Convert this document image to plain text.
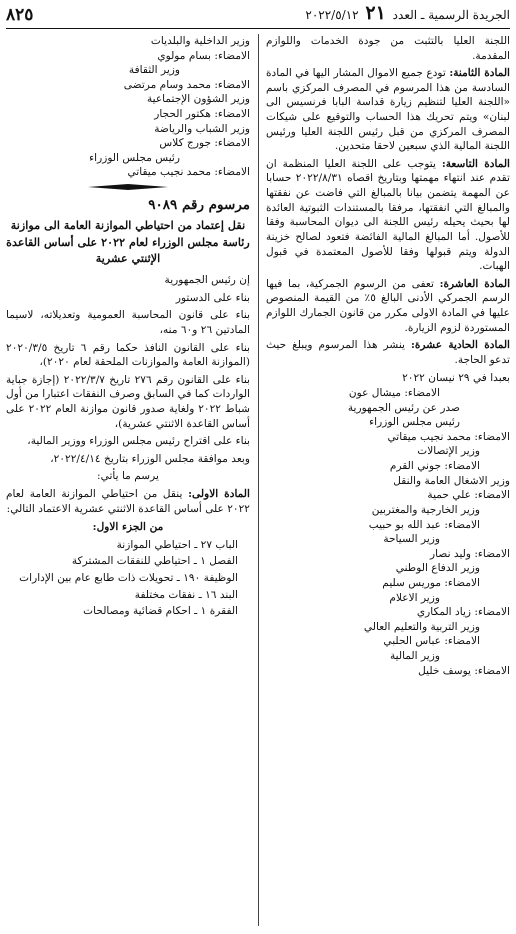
الجريدة الرسمية ـ العدد ٢١ ٢٠٢٢/٥/١٢
٨٢٥

اللجنة العليا بالتثبت من جودة الخدمات واللوازم المقدمة.

المادة الثامنة: تودع جميع الاموال المشار اليها في المادة السادسة من هذا المرسوم في المصرف المركزي باسم «اللجنة العليا لتنظيم زيارة قداسة البابا فرنسيس الى لبنان» ويتم تحريك هذا الحساب والتوقيع على شيكات المصرف المركزي من قبل رئيس اللجنة العليا ورئيس اللجنة المالية الذي سبعين لاحقا متحدين.

المادة التاسعة: يتوجب على اللجنة العليا المنظمة ان تقدم عند انتهاء مهمتها وبتاريخ اقصاه ٢٠٢٢/٨/٣١ حسابا عن المهمة يتضمن بيانا بالمبالغ التي فاضت عن نفقتها والمبالغ التي انفقتها، مرفقا بالمستندات الثبوتية العائدة لها بحيث يحيله رئيس اللجنة الى ديوان المحاسبة وفقا للأصول. أما المبالغ المالية الفائضة فتعود لصالح خزينة الدولة ويتم قبولها وفقا للأصول المعتمدة في قبول الهبات.

المادة العاشرة: تعفى من الرسوم الجمركية، بما فيها الرسم الجمركي الأدنى البالغ ٥٪ من القيمة المنصوص عليها في المادة الاولى مكرر من قانون الجمارك اللوازم المستوردة لزوم الزيارة.

المادة الحادية عشرة: ينشر هذا المرسوم ويبلغ حيث تدعو الحاجة.

بعبدا في ٢٩ نيسان ٢٠٢٢

الامضاء: ميشال عون

صدر عن رئيس الجمهورية

رئيس مجلس الوزراء

الامضاء: محمد نجيب ميقاتي

وزير الإتصالات

الامضاء: جوني القرم

وزير الاشغال العامة والنقل

الامضاء: علي حمية

وزير الخارجية والمغتربين

الامضاء: عبد الله بو حبيب

وزير السياحة

الامضاء: وليد نصار

وزير الدفاع الوطني

الامضاء: موريس سليم

وزير الاعلام

الامضاء: زياد المكاري

وزير التربية والتعليم العالي

الامضاء: عباس الحلبي

وزير المالية

الامضاء: يوسف خليل

وزير الداخلية والبلديات

الامضاء: بسام مولوي

وزير الثقافة

الامضاء: محمد وسام مرتضى

وزير الشؤون الإجتماعية

الامضاء: هكتور الحجار

وزير الشباب والرياضة

الامضاء: جورج كلاس

رئيس مجلس الوزراء

الامضاء: محمد نجيب ميقاتي

مرسوم رقم ٩٠٨٩
نقل إعتماد من احتياطي الموازنة العامة الى موازنة رئاسة مجلس الوزراء لعام ٢٠٢٢ على أساس القاعدة الإثنتي عشرية

إن رئيس الجمهورية

بناء على الدستور

بناء على قانون المحاسبة العمومية وتعديلاته، لاسيما المادتين ٢٦ و٦٠ منه،

بناء على القانون النافذ حكما رقم ٦ تاريخ ٢٠٢٠/٣/٥ (الموازنة العامة والموازنات الملحقة لعام ٢٠٢٠)،

بناء على القانون رقم ٢٧٦ تاريخ ٢٠٢٢/٣/٧ (إجازة جباية الواردات كما في السابق وصرف النفقات اعتبارا من أول شباط ٢٠٢٢ ولغاية صدور قانون موازنة العام ٢٠٢٢ على أساس القاعدة الاثنتي عشرية)،

بناء على اقتراح رئيس مجلس الوزراء ووزير المالية،

وبعد موافقة مجلس الوزراء بتاريخ ٢٠٢٢/٤/١٤،

يرسم ما يأتي:

المادة الاولى: ينقل من احتياطي الموازنة العامة لعام ٢٠٢٢ على أساس القاعدة الاثنتي عشرية الاعتماد التالي:

من الجزء الاول:

الباب ٢٧ ـ احتياطي الموازنة

الفصل ١ ـ احتياطي للنفقات المشتركة

الوظيفة ١٩٠ ـ تحويلات ذات طابع عام بين الإدارات

البند ١٦ ـ نفقات مختلفة

الفقرة ١ ـ احكام قضائية ومصالحات
